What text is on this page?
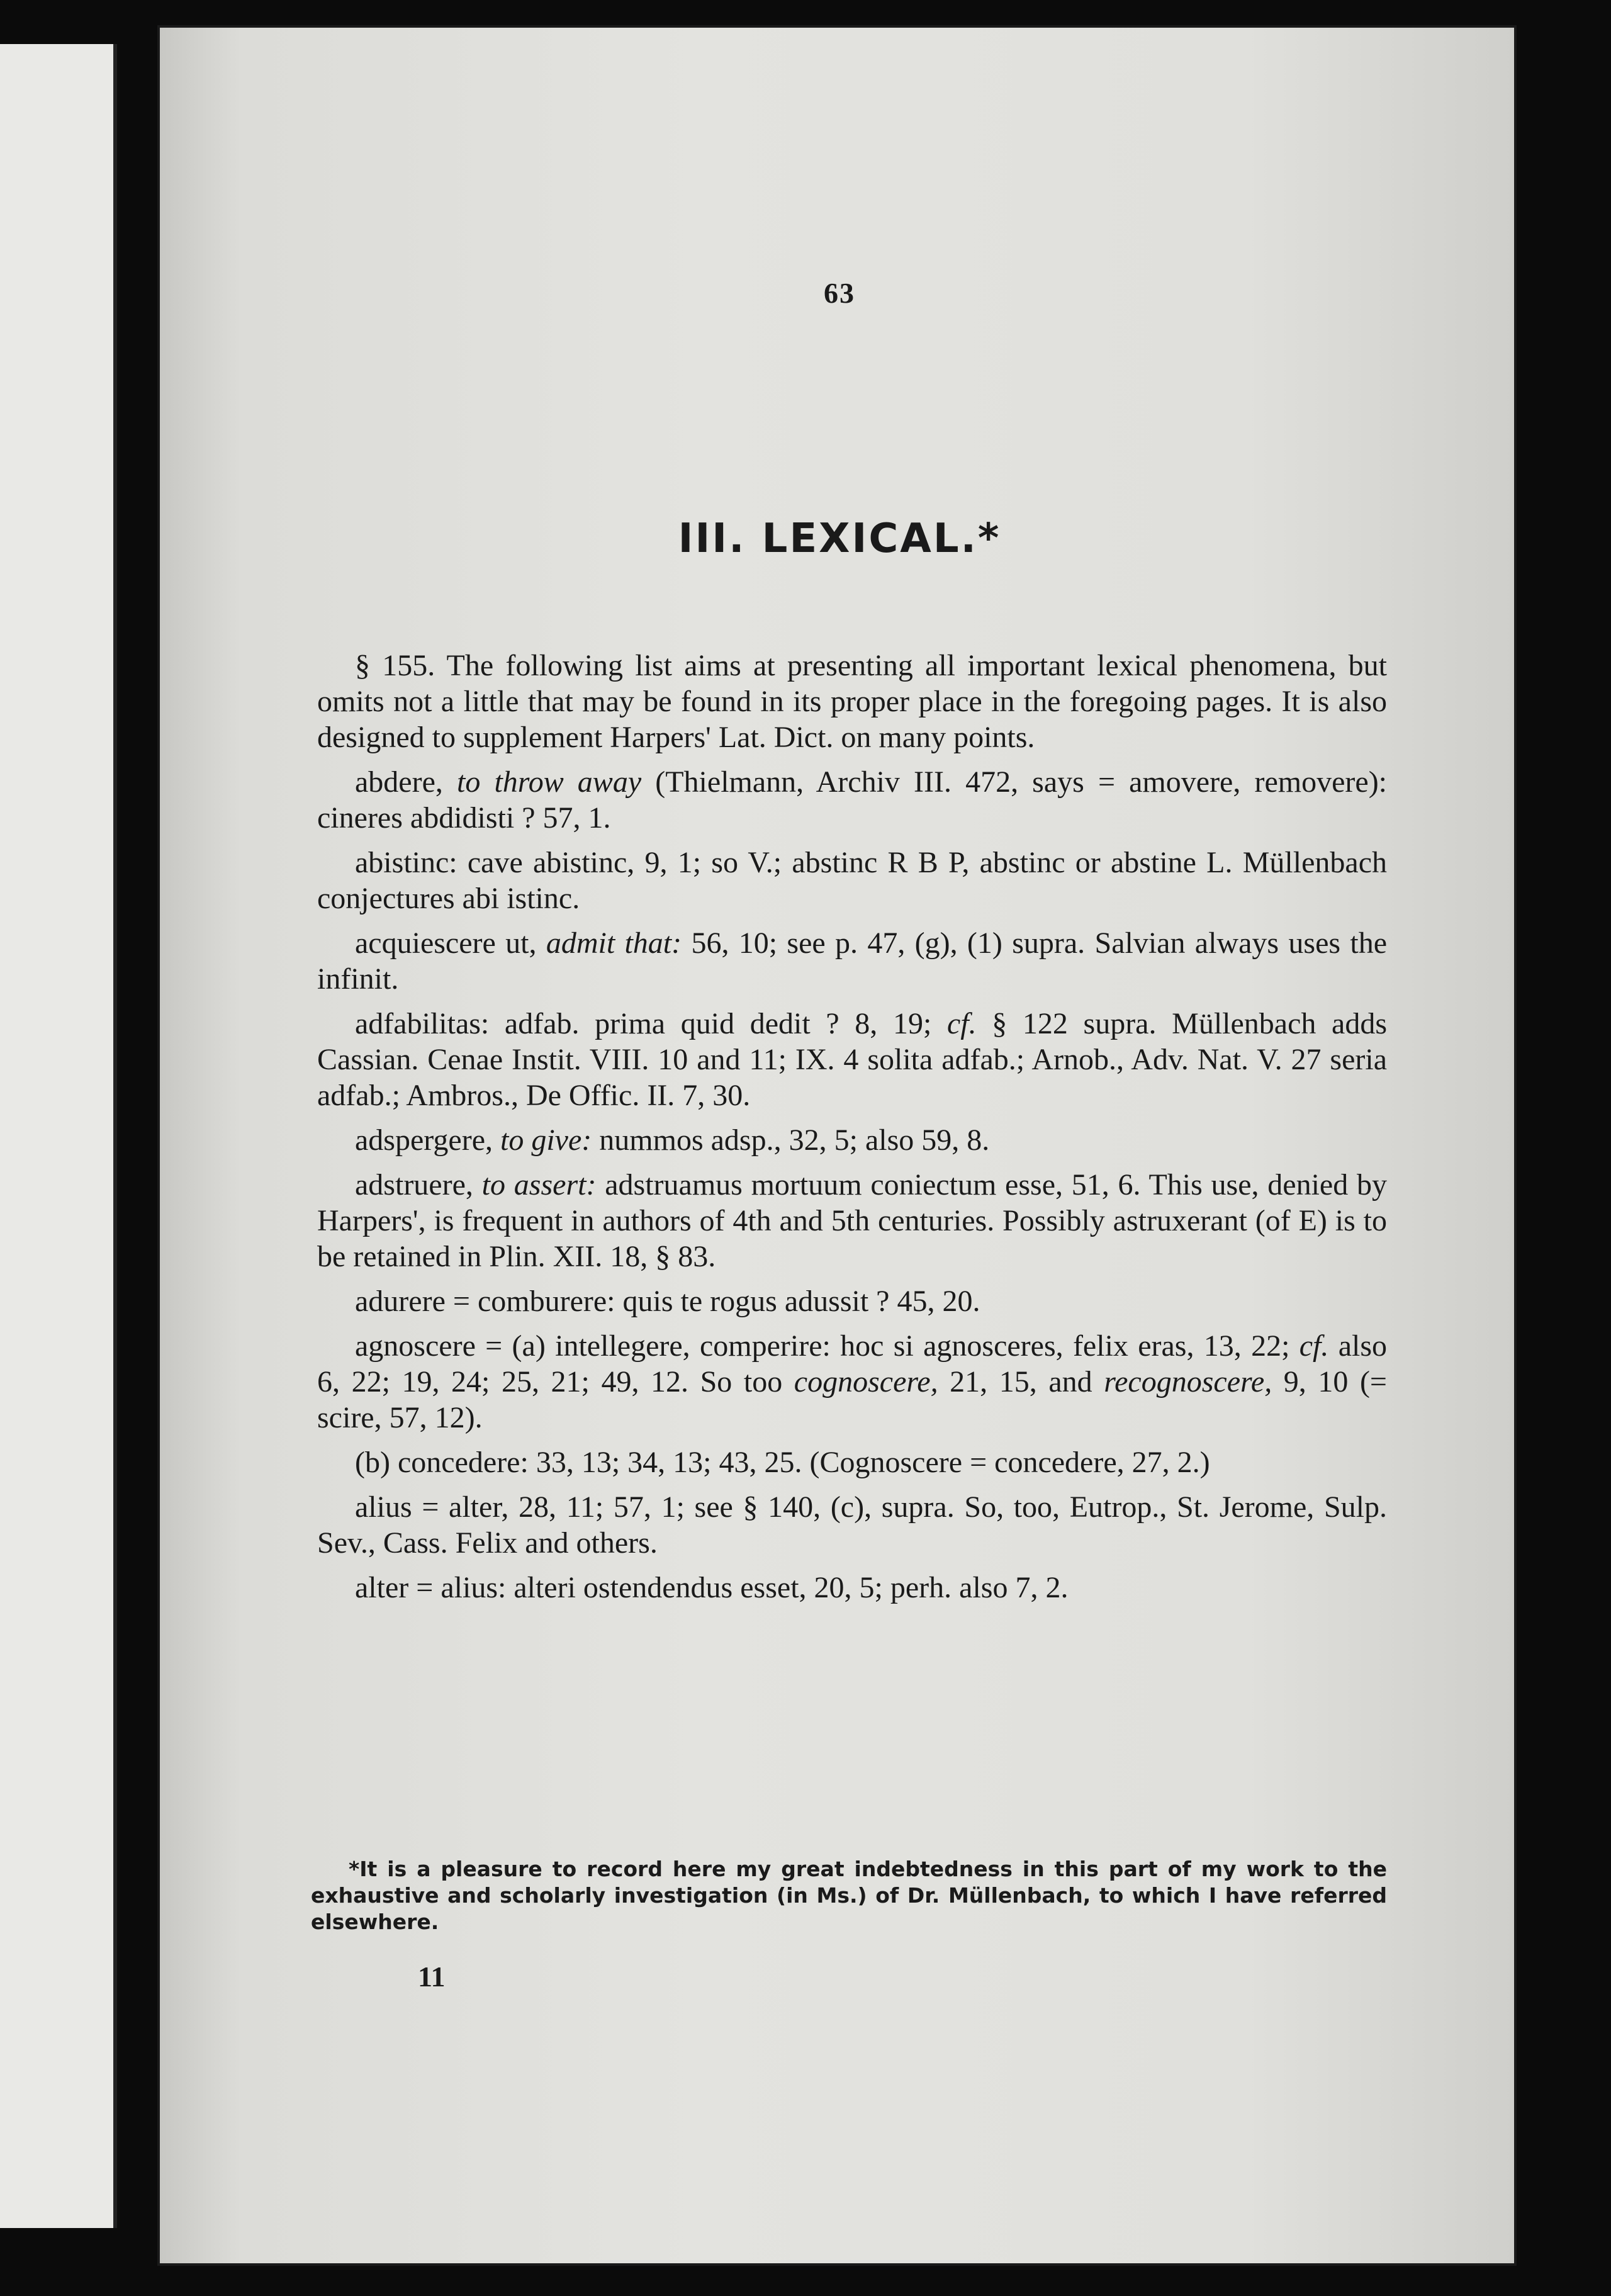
63
III. LEXICAL.*

§ 155. The following list aims at presenting all important lexical phenomena, but omits not a little that may be found in its proper place in the foregoing pages. It is also designed to supplement Harpers' Lat. Dict. on many points.

abdere, to throw away (Thielmann, Archiv III. 472, says = amovere, removere): cineres abdidisti ? 57, 1.

abistinc: cave abistinc, 9, 1; so V.; abstinc R B P, abstinc or abstine L. Müllenbach conjectures abi istinc.

acquiescere ut, admit that: 56, 10; see p. 47, (g), (1) supra. Salvian always uses the infinit.

adfabilitas: adfab. prima quid dedit ? 8, 19; cf. § 122 supra. Müllenbach adds Cassian. Cenae Instit. VIII. 10 and 11; IX. 4 solita adfab.; Arnob., Adv. Nat. V. 27 seria adfab.; Ambros., De Offic. II. 7, 30.

adspergere, to give: nummos adsp., 32, 5; also 59, 8.

adstruere, to assert: adstruamus mortuum coniectum esse, 51, 6. This use, denied by Harpers', is frequent in authors of 4th and 5th centuries. Possibly astruxerant (of E) is to be retained in Plin. XII. 18, § 83.

adurere = comburere: quis te rogus adussit ? 45, 20.

agnoscere = (a) intellegere, comperire: hoc si agnosceres, felix eras, 13, 22; cf. also 6, 22; 19, 24; 25, 21; 49, 12. So too cognoscere, 21, 15, and recognoscere, 9, 10 (= scire, 57, 12).

(b) concedere: 33, 13; 34, 13; 43, 25. (Cognoscere = concedere, 27, 2.)

alius = alter, 28, 11; 57, 1; see § 140, (c), supra. So, too, Eutrop., St. Jerome, Sulp. Sev., Cass. Felix and others.

alter = alius: alteri ostendendus esset, 20, 5; perh. also 7, 2.

*It is a pleasure to record here my great indebtedness in this part of my work to the exhaustive and scholarly investigation (in Ms.) of Dr. Müllenbach, to which I have referred elsewhere.

11
